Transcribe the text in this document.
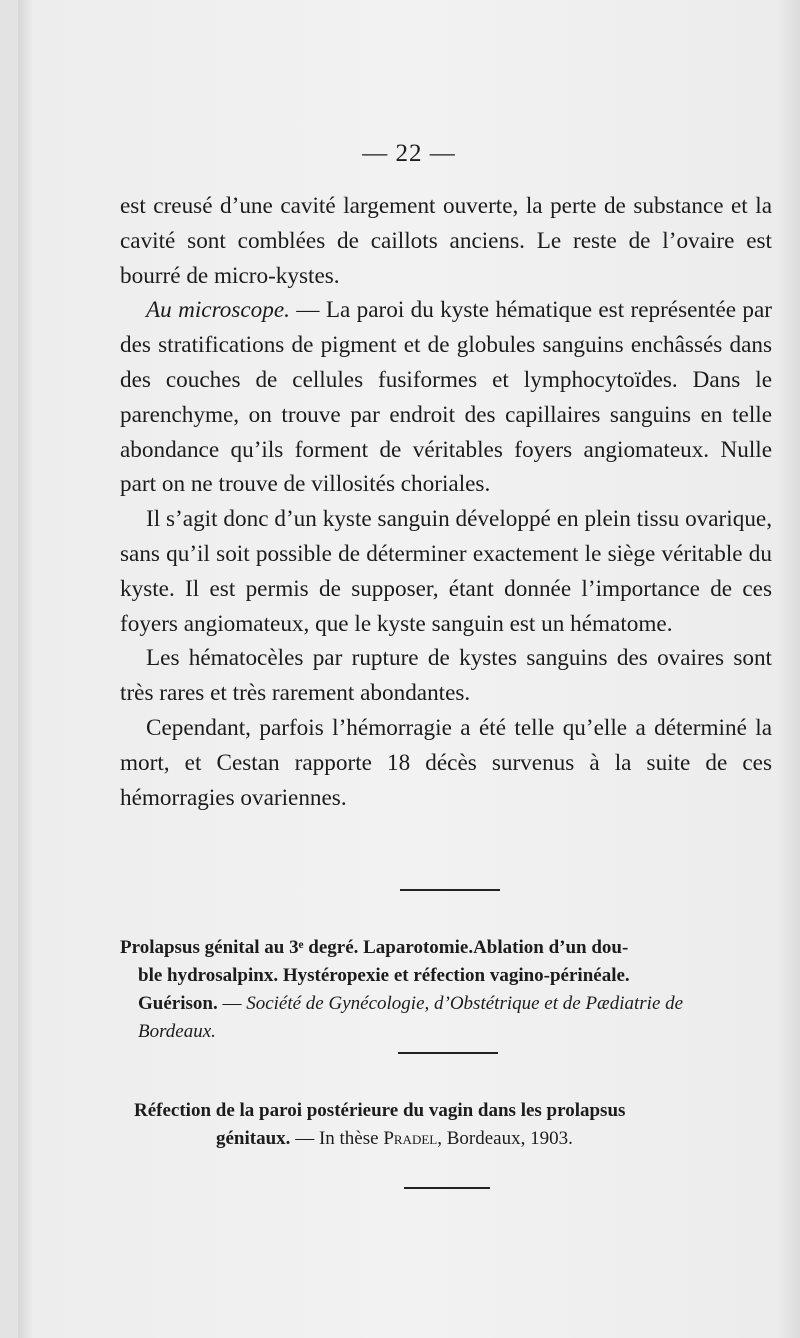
— 22 —

est creusé d’une cavité largement ouverte, la perte de substance et la cavité sont comblées de caillots anciens. Le reste de l’ovaire est bourré de micro-kystes.

Au microscope. — La paroi du kyste hématique est représentée par des stratifications de pigment et de globules sanguins enchâssés dans des couches de cellules fusiformes et lymphocytoïdes. Dans le parenchyme, on trouve par endroit des capillaires sanguins en telle abondance qu’ils forment de véritables foyers angiomateux. Nulle part on ne trouve de villosités choriales.

Il s’agit donc d’un kyste sanguin développé en plein tissu ovarique, sans qu’il soit possible de déterminer exactement le siège véritable du kyste. Il est permis de supposer, étant donnée l’importance de ces foyers angiomateux, que le kyste sanguin est un hématome.

Les hématocèles par rupture de kystes sanguins des ovaires sont très rares et très rarement abondantes.

Cependant, parfois l’hémorragie a été telle qu’elle a déterminé la mort, et Cestan rapporte 18 décès survenus à la suite de ces hémorragies ovariennes.

Prolapsus génital au 3ᵉ degré. Laparotomie.Ablation d’un dou-
ble hydrosalpinx. Hystéropexie et réfection vagino-périnéale.
Guérison. — Société de Gynécologie, d’Obstétrique et de Pædiatrie de
Bordeaux.
Réfection de la paroi postérieure du vagin dans les prolapsus
génitaux. — In thèse Pradel, Bordeaux, 1903.
